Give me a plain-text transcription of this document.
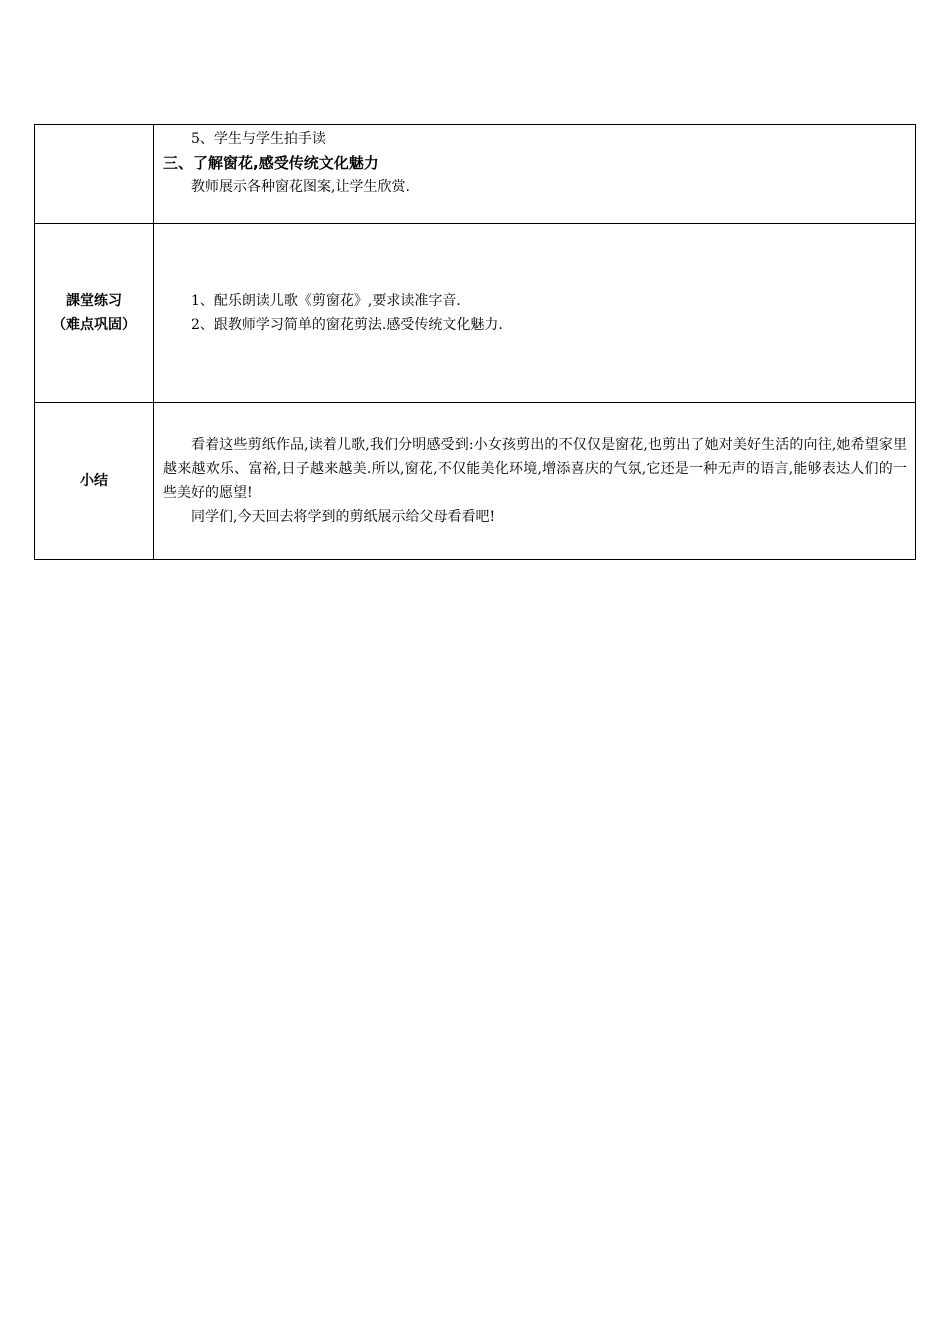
	5、学生与学生拍手读
三、了解窗花,感受传统文化魅力
教师展示各种窗花图案,让学生欣赏.

課堂练习
（难点巩固）	1、配乐朗读儿歌《剪窗花》,要求读准字音.
2、跟教师学习简单的窗花剪法.感受传统文化魅力.

小结	看着这些剪纸作品,读着儿歌,我们分明感受到:小女孩剪出的不仅仅是窗花,也剪出了她对美好生活的向往,她希望家里越来越欢乐、富裕,日子越来越美.所以,窗花,不仅能美化环境,增添喜庆的气氛,它还是一种无声的语言,能够表达人们的一些美好的愿望!

同学们,今天回去将学到的剪纸展示给父母看看吧!
